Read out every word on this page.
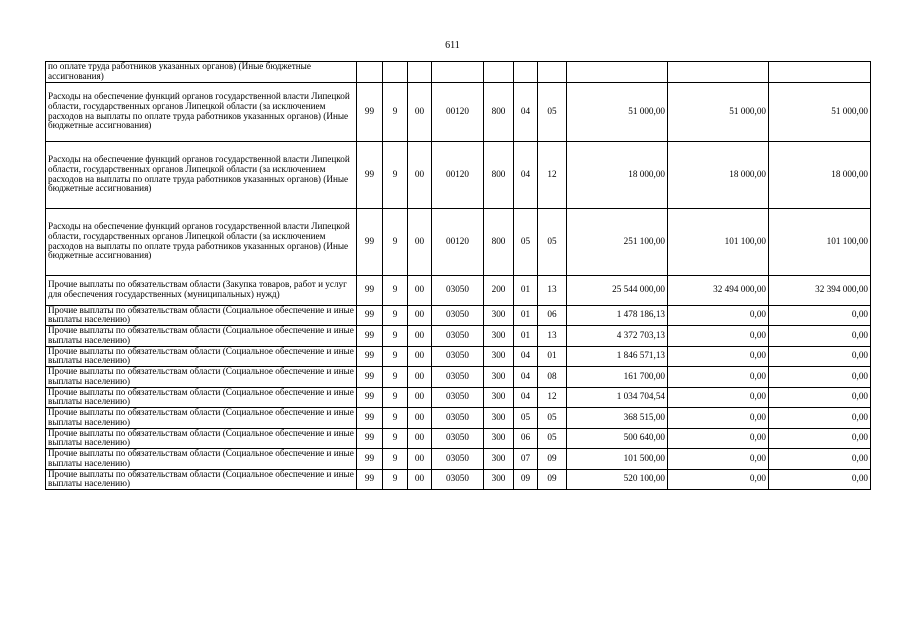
611
по оплате труда работников указанных органов) (Иные бюджетные ассигнования)										

Расходы на обеспечение функций органов государственной власти Липецкой области, государственных органов Липецкой области (за исключением расходов на выплаты по оплате труда работников указанных органов) (Иные бюджетные ассигнования)	99	9	00	00120	800	04	05	51 000,00	51 000,00	51 000,00

Расходы на обеспечение функций органов государственной власти Липецкой области, государственных органов Липецкой области (за исключением расходов на выплаты по оплате труда работников указанных органов) (Иные бюджетные ассигнования)	99	9	00	00120	800	04	12	18 000,00	18 000,00	18 000,00

Расходы на обеспечение функций органов государственной власти Липецкой области, государственных органов Липецкой области (за исключением расходов на выплаты по оплате труда работников указанных органов) (Иные бюджетные ассигнования)	99	9	00	00120	800	05	05	251 100,00	101 100,00	101 100,00

Прочие выплаты по обязательствам области (Закупка товаров, работ и услуг для обеспечения государственных (муниципальных) нужд)	99	9	00	03050	200	01	13	25 544 000,00	32 494 000,00	32 394 000,00

Прочие выплаты по обязательствам области (Социальное обеспечение и иные выплаты населению)	99	9	00	03050	300	01	06	1 478 186,13	0,00	0,00

Прочие выплаты по обязательствам области (Социальное обеспечение и иные выплаты населению)	99	9	00	03050	300	01	13	4 372 703,13	0,00	0,00

Прочие выплаты по обязательствам области (Социальное обеспечение и иные выплаты населению)	99	9	00	03050	300	04	01	1 846 571,13	0,00	0,00

Прочие выплаты по обязательствам области (Социальное обеспечение и иные выплаты населению)	99	9	00	03050	300	04	08	161 700,00	0,00	0,00

Прочие выплаты по обязательствам области (Социальное обеспечение и иные выплаты населению)	99	9	00	03050	300	04	12	1 034 704,54	0,00	0,00

Прочие выплаты по обязательствам области (Социальное обеспечение и иные выплаты населению)	99	9	00	03050	300	05	05	368 515,00	0,00	0,00

Прочие выплаты по обязательствам области (Социальное обеспечение и иные выплаты населению)	99	9	00	03050	300	06	05	500 640,00	0,00	0,00

Прочие выплаты по обязательствам области (Социальное обеспечение и иные выплаты населению)	99	9	00	03050	300	07	09	101 500,00	0,00	0,00

Прочие выплаты по обязательствам области (Социальное обеспечение и иные выплаты населению)	99	9	00	03050	300	09	09	520 100,00	0,00	0,00
